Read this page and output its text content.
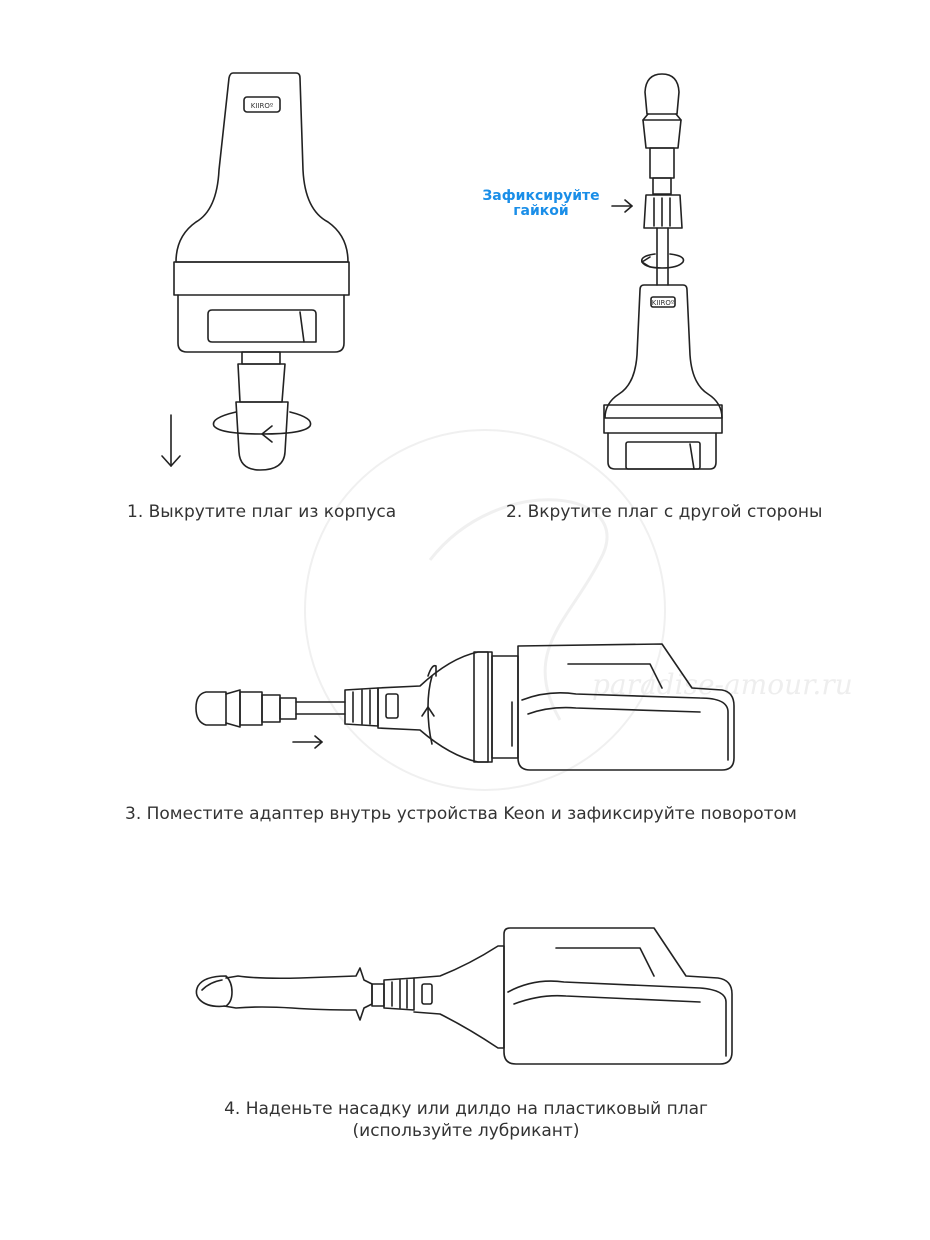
paradise-amour.ru
KIIROº
KIIROº
1. Выкрутите плаг из корпуса	2. Вкрутите плаг с другой стороны
Зафиксируйте
гайкой
3. Поместите адаптер внутрь устройства Keon и зафиксируйте поворотом
4. Наденьте насадку или дилдо на пластиковый плаг
(используйте лубрикант)
